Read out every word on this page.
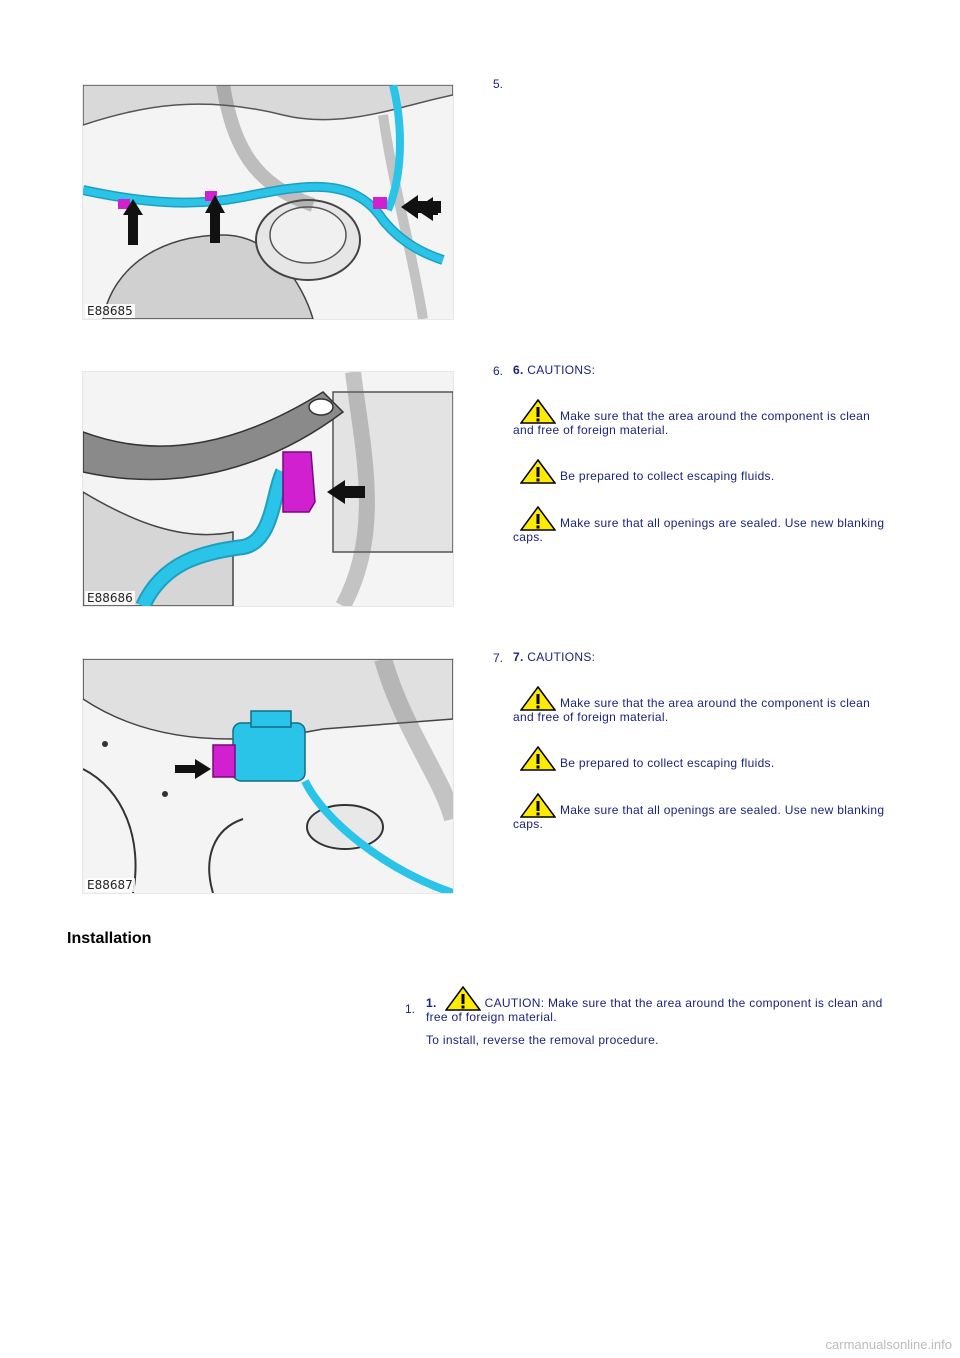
5.
E88685
6.
E88686
6. CAUTIONS:
Make sure that the area around the component is clean and free of foreign material.
Be prepared to collect escaping fluids.
Make sure that all openings are sealed. Use new blanking caps.
7.
E88687
7. CAUTIONS:
Make sure that the area around the component is clean and free of foreign material.
Be prepared to collect escaping fluids.
Make sure that all openings are sealed. Use new blanking caps.
Installation
1. 1.	CAUTION: Make sure that the area around the component is clean and free of foreign material.
To install, reverse the removal procedure.
carmanualsonline.info
